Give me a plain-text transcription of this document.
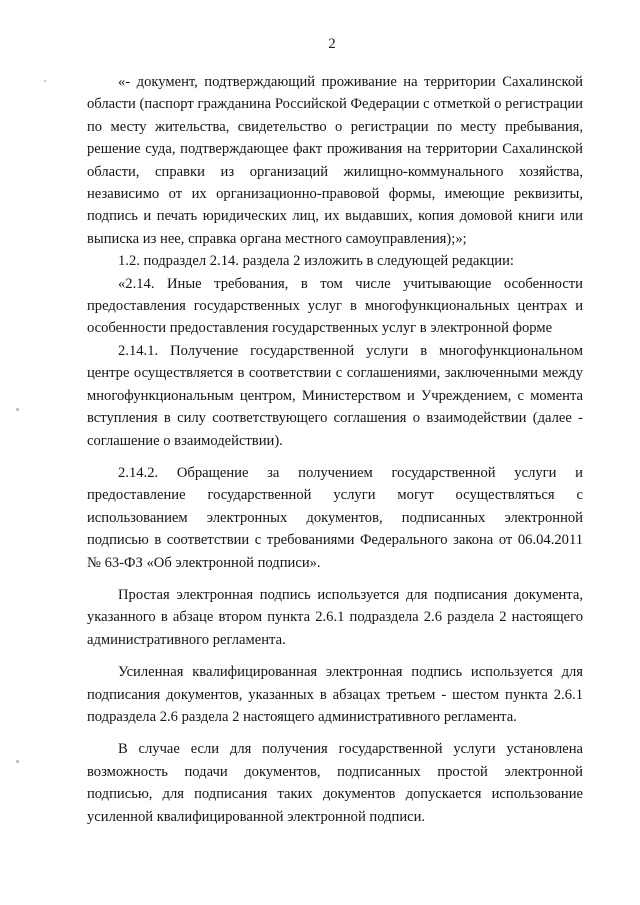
2

«- документ, подтверждающий проживание на территории Сахалинской области (паспорт гражданина Российской Федерации с отметкой о регистрации по месту жительства, свидетельство о регистрации по месту пребывания, решение суда, подтверждающее факт проживания на территории Сахалинской области, справки из организаций жилищно-коммунального хозяйства, независимо от их организационно-правовой формы, имеющие реквизиты, подпись и печать юридических лиц, их выдавших, копия домовой книги или выписка из нее, справка органа местного самоуправления);»;

1.2. подраздел 2.14. раздела 2 изложить в следующей редакции:

«2.14. Иные требования, в том числе учитывающие особенности предоставления государственных услуг в многофункциональных центрах и особенности предоставления государственных услуг в электронной форме

2.14.1. Получение государственной услуги в многофункциональном центре осуществляется в соответствии с соглашениями, заключенными между многофункциональным центром, Министерством и Учреждением, с момента вступления в силу соответствующего соглашения о взаимодействии (далее - соглашение о взаимодействии).

2.14.2. Обращение за получением государственной услуги и предоставление государственной услуги могут осуществляться с использованием электронных документов, подписанных электронной подписью в соответствии с требованиями Федерального закона от 06.04.2011 № 63-ФЗ «Об электронной подписи».

Простая электронная подпись используется для подписания документа, указанного в абзаце втором пункта 2.6.1 подраздела 2.6 раздела 2 настоящего административного регламента.

Усиленная квалифицированная электронная подпись используется для подписания документов, указанных в абзацах третьем - шестом пункта 2.6.1 подраздела 2.6 раздела 2 настоящего административного регламента.

В случае если для получения государственной услуги установлена возможность подачи документов, подписанных простой электронной подписью, для подписания таких документов допускается использование усиленной квалифицированной электронной подписи.
